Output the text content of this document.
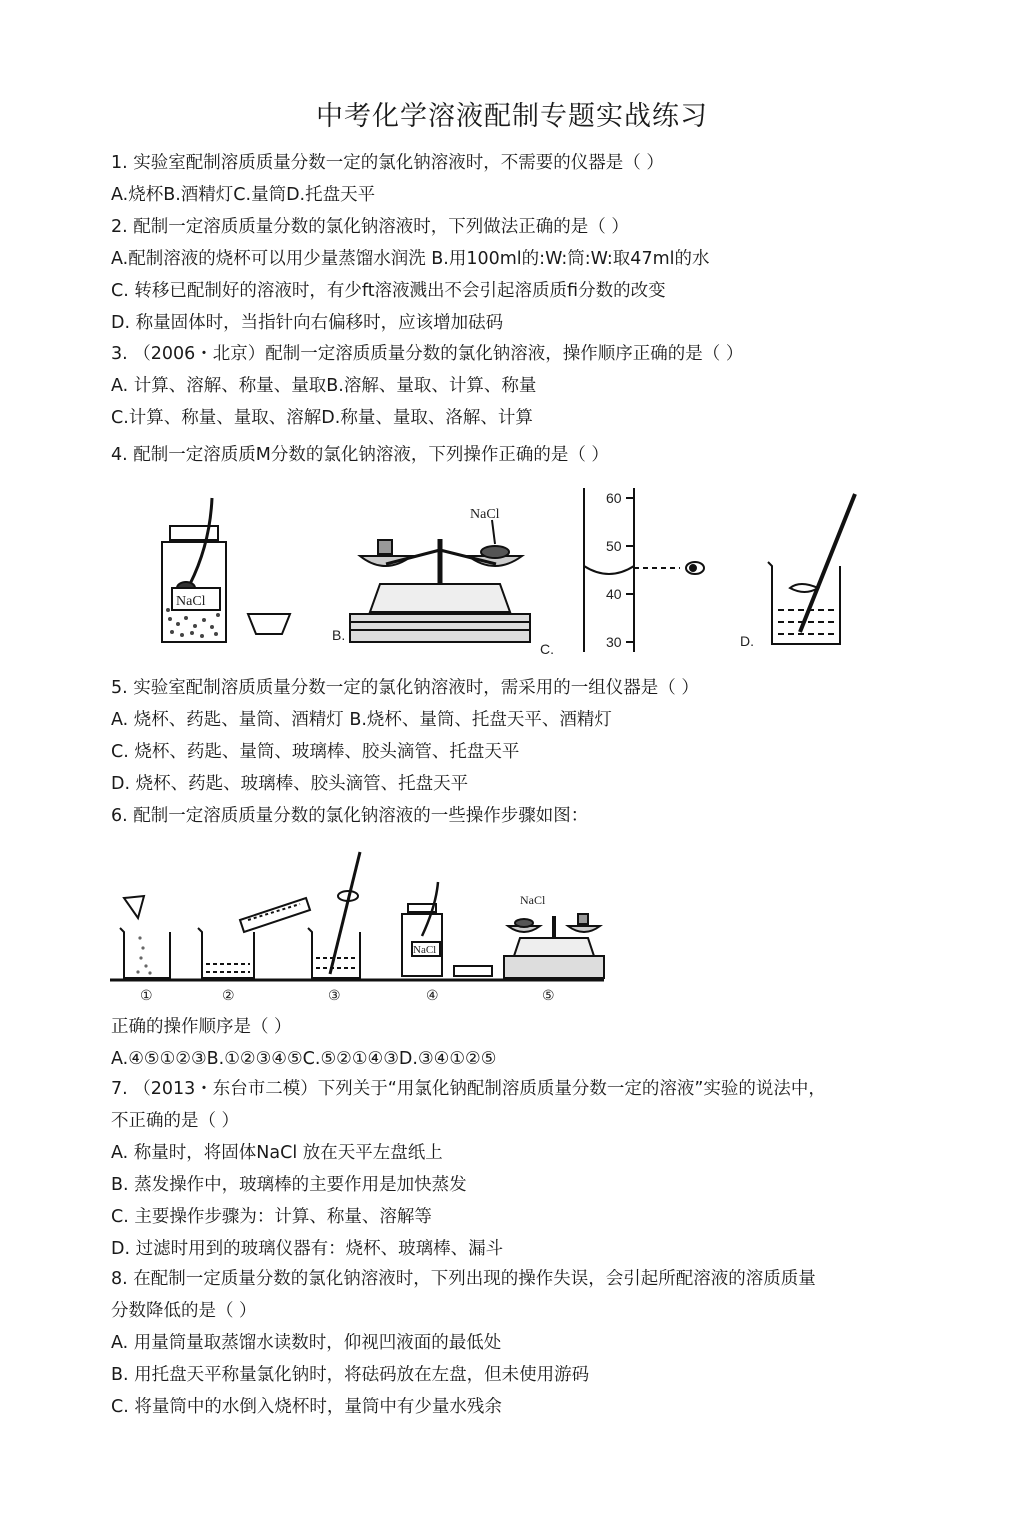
中考化学溶液配制专题实战练习
1. 实验室配制溶质质量分数一定的氯化钠溶液时，不需要的仪器是（ ）
A.烧杯B.酒精灯C.量筒D.托盘天平
2. 配制一定溶质质量分数的氯化钠溶液时，下列做法正确的是（ ）
A.配制溶液的烧杯可以用少量蒸馏水润洗 B.用100ml的:W:筒:W:取47ml的水
C. 转移已配制好的溶液时，有少ft溶液溅出不会引起溶质质fi分数的改变
D. 称量固体时，当指针向右偏移时，应该增加砝码
3. （2006・北京）配制一定溶质质量分数的氯化钠溶液，操作顺序正确的是（ ）
A. 计算、溶解、称量、量取B.溶解、量取、计算、称量
C.计算、称量、量取、溶解D.称量、量取、洛解、计算
4. 配制一定溶质质M分数的氯化钠溶液，下列操作正确的是（ ）
NaCl
NaCl
B.
60
50
40
30
C.	D.
5. 实验室配制溶质质量分数一定的氯化钠溶液时，需采用的一组仪器是（ ）
A. 烧杯、药匙、量筒、酒精灯 B.烧杯、量筒、托盘天平、酒精灯
C. 烧杯、药匙、量筒、玻璃棒、胶头滴管、托盘天平
D. 烧杯、药匙、玻璃棒、胶头滴管、托盘天平
6. 配制一定溶质质量分数的氯化钠溶液的一些操作步骤如图：
NaCl
NaCl
①	②	③	④	⑤
正确的操作顺序是（ ）
A.④⑤①②③B.①②③④⑤C.⑤②①④③D.③④①②⑤
7. （2013・东台市二模）下列关于“用氯化钠配制溶质质量分数一定的溶液”实验的说法中，
不正确的是（ ）
A. 称量时，将固体NaCl 放在天平左盘纸上
B. 蒸发操作中，玻璃棒的主要作用是加快蒸发
C. 主要操作步骤为：计算、称量、溶解等
D. 过滤时用到的玻璃仪器有：烧杯、玻璃棒、漏斗
8. 在配制一定质量分数的氯化钠溶液时，下列出现的操作失误，会引起所配溶液的溶质质量
分数降低的是（ ）
A. 用量筒量取蒸馏水读数时，仰视凹液面的最低处
B. 用托盘天平称量氯化钠时，将砝码放在左盘，但未使用游码
C. 将量筒中的水倒入烧杯时，量筒中有少量水残余
